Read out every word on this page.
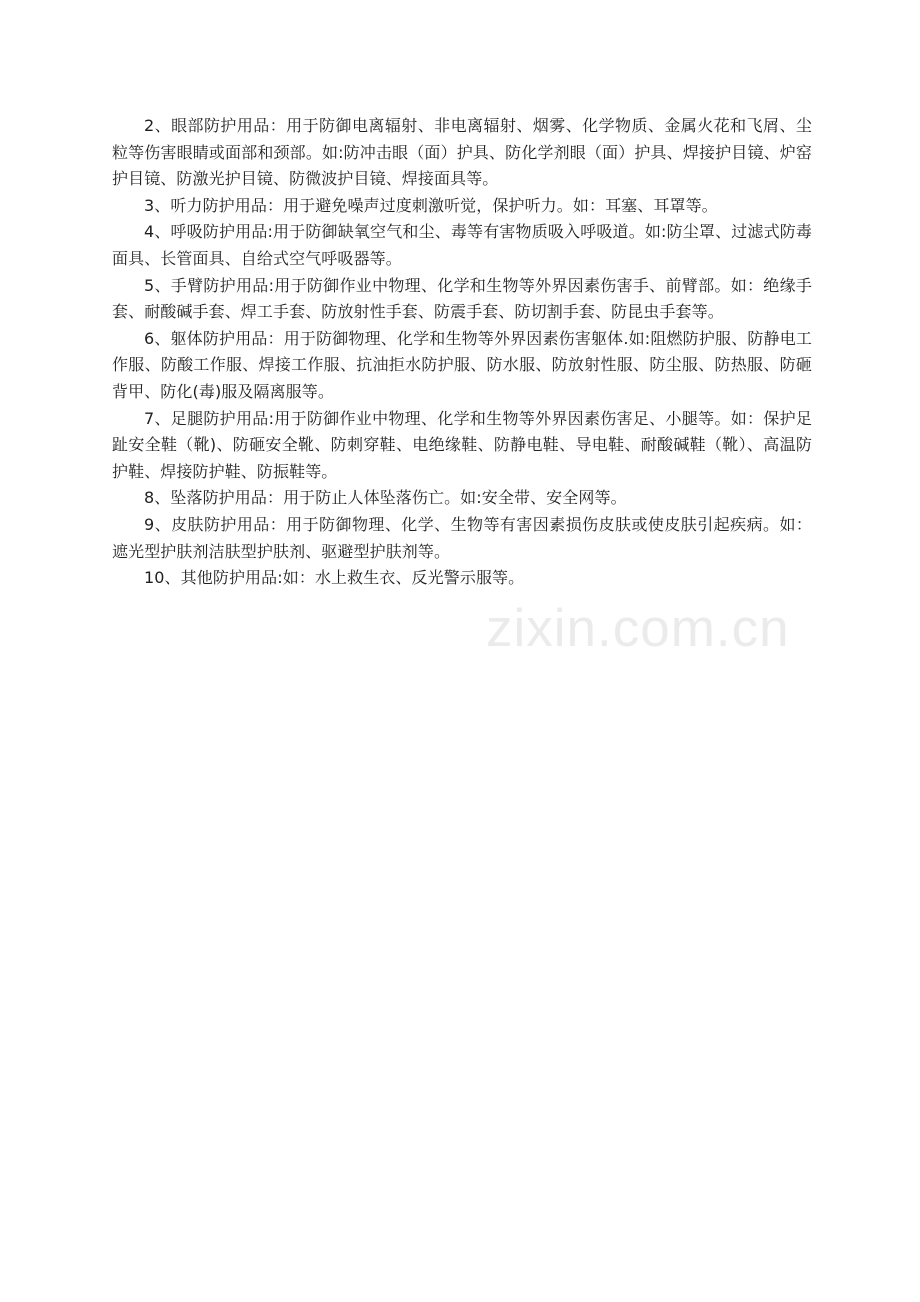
2、眼部防护用品：用于防御电离辐射、非电离辐射、烟雾、化学物质、金属火花和飞屑、尘粒等伤害眼睛或面部和颈部。如:防冲击眼（面）护具、防化学剂眼（面）护具、焊接护目镜、炉窑护目镜、防激光护目镜、防微波护目镜、焊接面具等。

3、听力防护用品：用于避免噪声过度刺激听觉，保护听力。如：耳塞、耳罩等。

4、呼吸防护用品:用于防御缺氧空气和尘、毒等有害物质吸入呼吸道。如:防尘罩、过滤式防毒面具、长管面具、自给式空气呼吸器等。

5、手臂防护用品:用于防御作业中物理、化学和生物等外界因素伤害手、前臂部。如：绝缘手套、耐酸碱手套、焊工手套、防放射性手套、防震手套、防切割手套、防昆虫手套等。

6、躯体防护用品：用于防御物理、化学和生物等外界因素伤害躯体.如:阻燃防护服、防静电工作服、防酸工作服、焊接工作服、抗油拒水防护服、防水服、防放射性服、防尘服、防热服、防砸背甲、防化(毒)服及隔离服等。

7、足腿防护用品:用于防御作业中物理、化学和生物等外界因素伤害足、小腿等。如：保护足趾安全鞋（靴)、防砸安全靴、防刺穿鞋、电绝缘鞋、防静电鞋、导电鞋、耐酸碱鞋（靴）、高温防护鞋、焊接防护鞋、防振鞋等。

8、坠落防护用品：用于防止人体坠落伤亡。如:安全带、安全网等。

9、皮肤防护用品：用于防御物理、化学、生物等有害因素损伤皮肤或使皮肤引起疾病。如：遮光型护肤剂洁肤型护肤剂、驱避型护肤剂等。

10、其他防护用品:如：水上救生衣、反光警示服等。

zixin.com.cn
